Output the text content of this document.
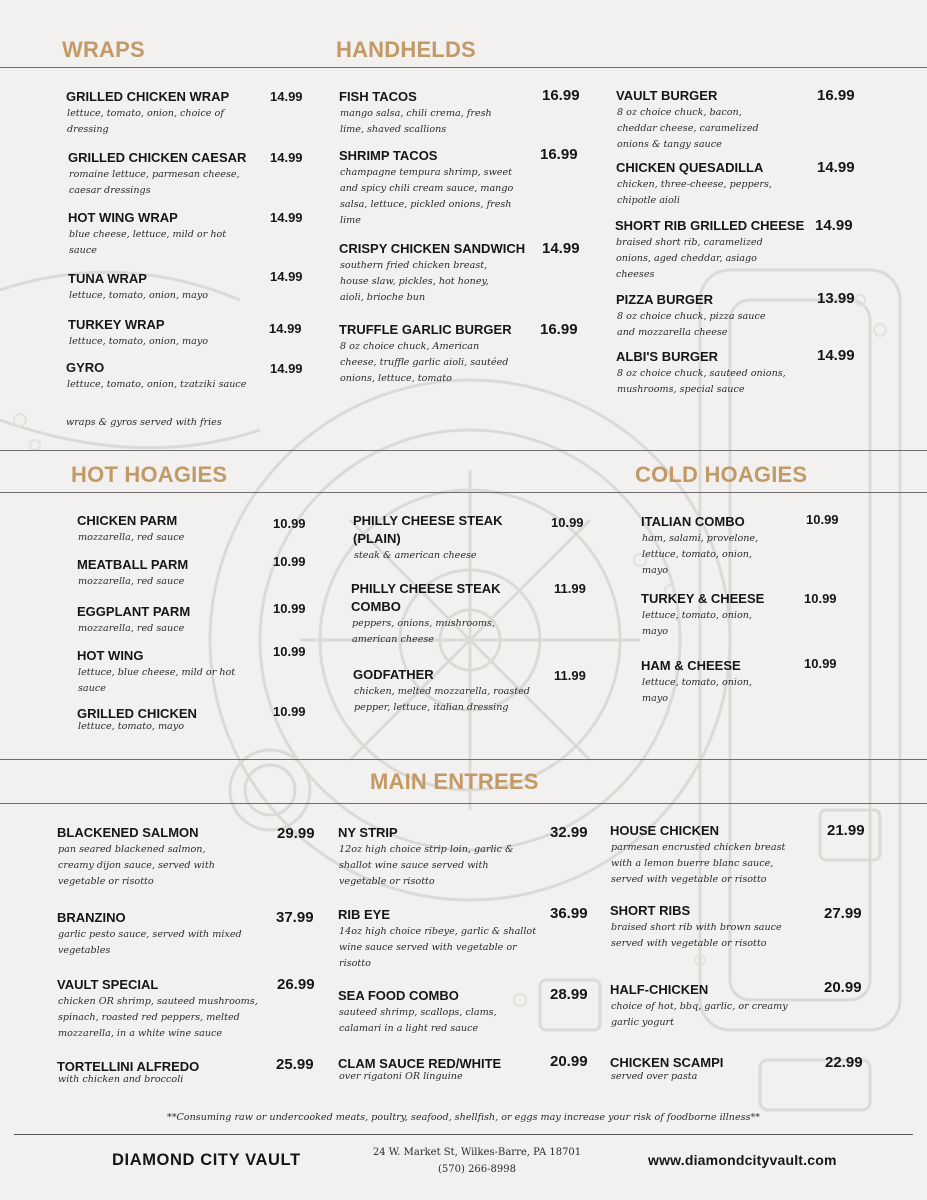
WRAPS	HANDHELDS
GRILLED CHICKEN WRAP
lettuce, tomato, onion, choice of dressing
14.99
GRILLED CHICKEN CAESAR
romaine lettuce, parmesan cheese, caesar dressings
14.99
HOT WING WRAP
blue cheese, lettuce, mild or hot sauce
14.99
TUNA WRAP
lettuce, tomato, onion, mayo
14.99
TURKEY WRAP
lettuce, tomato, onion, mayo
14.99
GYRO
lettuce, tomato, onion, tzatziki sauce
14.99
wraps & gyros served with fries
FISH TACOS
mango salsa, chili crema, fresh lime, shaved scallions
16.99
SHRIMP TACOS
champagne tempura shrimp, sweet and spicy chili cream sauce, mango salsa, lettuce, pickled onions, fresh lime
16.99
CRISPY CHICKEN SANDWICH
southern fried chicken breast, house slaw, pickles, hot honey, aioli, brioche bun
14.99
TRUFFLE GARLIC BURGER
8 oz choice chuck, American cheese, truffle garlic aioli, sautéed onions, lettuce, tomato
16.99
VAULT BURGER
8 oz choice chuck, bacon, cheddar cheese, caramelized onions & tangy sauce
16.99
CHICKEN QUESADILLA
chicken, three-cheese, peppers, chipotle aioli
14.99
SHORT RIB GRILLED CHEESE
braised short rib, caramelized onions, aged cheddar, asiago cheeses
14.99
PIZZA BURGER
8 oz choice chuck, pizza sauce and mozzarella cheese
13.99
ALBI'S BURGER
8 oz choice chuck, sauteed onions, mushrooms, special sauce
14.99
HOT HOAGIES	COLD HOAGIES
CHICKEN PARM
mozzarella, red sauce
10.99
MEATBALL PARM
mozzarella, red sauce
10.99
EGGPLANT PARM
mozzarella, red sauce
10.99
HOT WING
lettuce, blue cheese, mild or hot sauce
10.99
GRILLED CHICKEN
lettuce, tomato, mayo
10.99
PHILLY CHEESE STEAK (PLAIN)
steak & american cheese
10.99
PHILLY CHEESE STEAK COMBO
peppers, onions, mushrooms, american cheese
11.99
GODFATHER
chicken, melted mozzarella, roasted pepper, lettuce, italian dressing
11.99
ITALIAN COMBO
ham, salami, provelone, lettuce, tomato, onion, mayo
10.99
TURKEY & CHEESE
lettuce, tomato, onion, mayo
10.99
HAM & CHEESE
lettuce, tomato, onion, mayo
10.99
MAIN ENTREES
BLACKENED SALMON
pan seared blackened salmon, creamy dijon sauce, served with vegetable or risotto
29.99
BRANZINO
garlic pesto sauce, served with mixed vegetables
37.99
VAULT SPECIAL
chicken OR shrimp, sauteed mushrooms, spinach, roasted red peppers, melted mozzarella, in a white wine sauce
26.99
TORTELLINI ALFREDO
with chicken and broccoli
25.99
NY STRIP
12oz high choice strip loin, garlic & shallot wine sauce served with vegetable or risotto
32.99
RIB EYE
14oz high choice ribeye, garlic & shallot wine sauce served with vegetable or risotto
36.99
SEA FOOD COMBO
sauteed shrimp, scallops, clams, calamari in a light red sauce
28.99
CLAM SAUCE RED/WHITE
over rigatoni OR linguine
20.99
HOUSE CHICKEN
parmesan encrusted chicken breast with a lemon buerre blanc sauce, served with vegetable or risotto
21.99
SHORT RIBS
braised short rib with brown sauce served with vegetable or risotto
27.99
HALF-CHICKEN
choice of hot, bbq, garlic, or creamy garlic yogurt
20.99
CHICKEN SCAMPI
served over pasta
22.99
**Consuming raw or undercooked meats, poultry, seafood, shellfish, or eggs may increase your risk of foodborne illness**
DIAMOND CITY VAULT	24 W. Market St, Wilkes-Barre, PA 18701
(570) 266-8998
www.diamondcityvault.com
